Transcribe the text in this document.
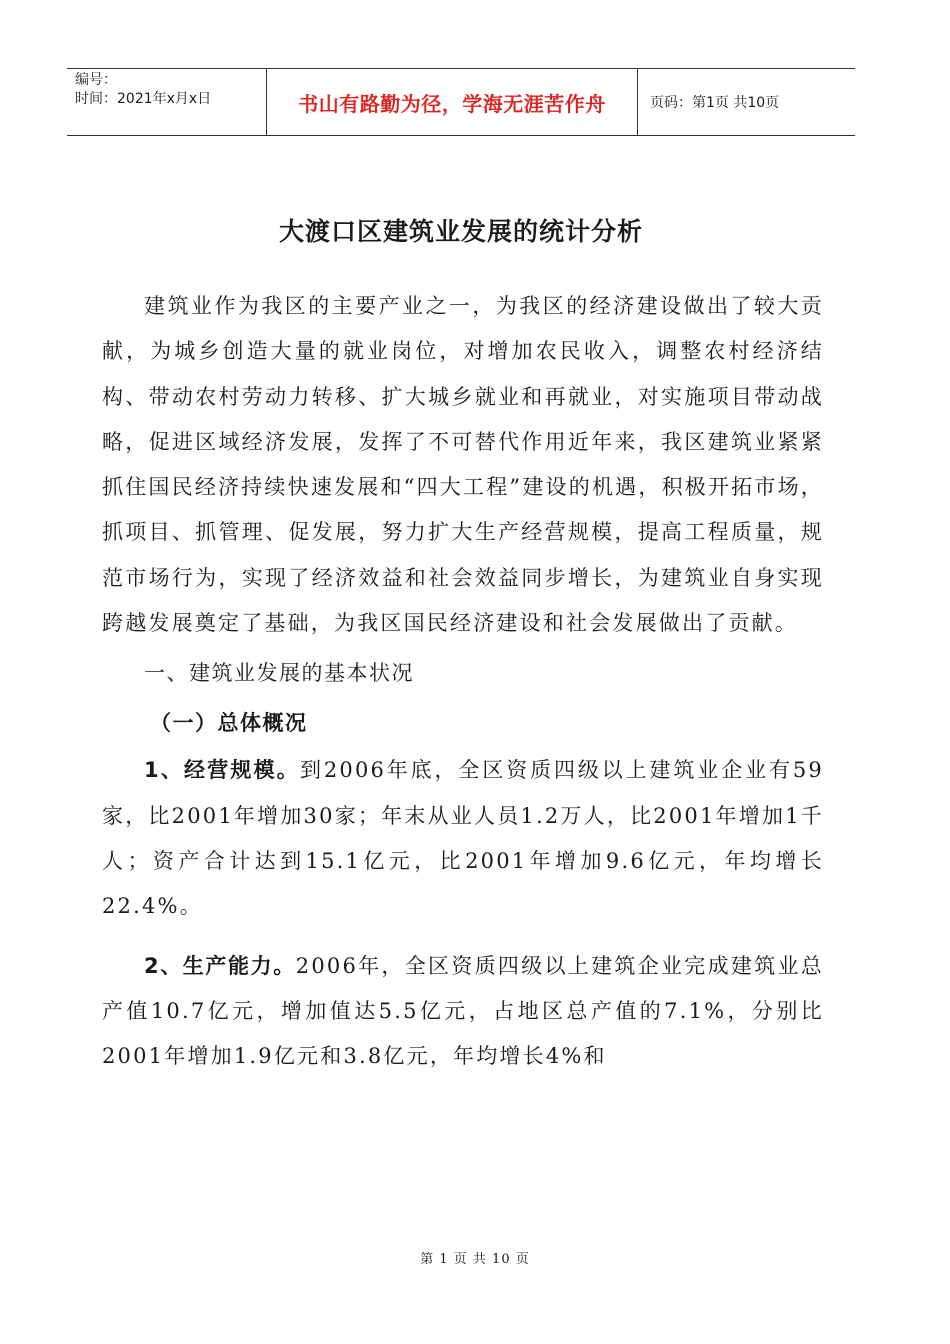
编号：
时间：2021年x月x日	书山有路勤为径，学海无涯苦作舟	页码：第1页 共10页
大渡口区建筑业发展的统计分析

建筑业作为我区的主要产业之一，为我区的经济建设做出了较大贡献，为城乡创造大量的就业岗位，对增加农民收入，调整农村经济结构、带动农村劳动力转移、扩大城乡就业和再就业，对实施项目带动战略，促进区域经济发展，发挥了不可替代作用近年来，我区建筑业紧紧抓住国民经济持续快速发展和“四大工程”建设的机遇，积极开拓市场，抓项目、抓管理、促发展，努力扩大生产经营规模，提高工程质量，规范市场行为，实现了经济效益和社会效益同步增长，为建筑业自身实现跨越发展奠定了基础，为我区国民经济建设和社会发展做出了贡献。

一、建筑业发展的基本状况
（一）总体概况

1、经营规模。到2006年底，全区资质四级以上建筑业企业有59家，比2001年增加30家；年末从业人员1.2万人，比2001年增加1千人；资产合计达到15.1亿元，比2001年增加9.6亿元，年均增长22.4%。

2、生产能力。2006年，全区资质四级以上建筑企业完成建筑业总产值10.7亿元，增加值达5.5亿元，占地区总产值的7.1%，分别比2001年增加1.9亿元和3.8亿元，年均增长4%和

第 1 页 共 10 页
